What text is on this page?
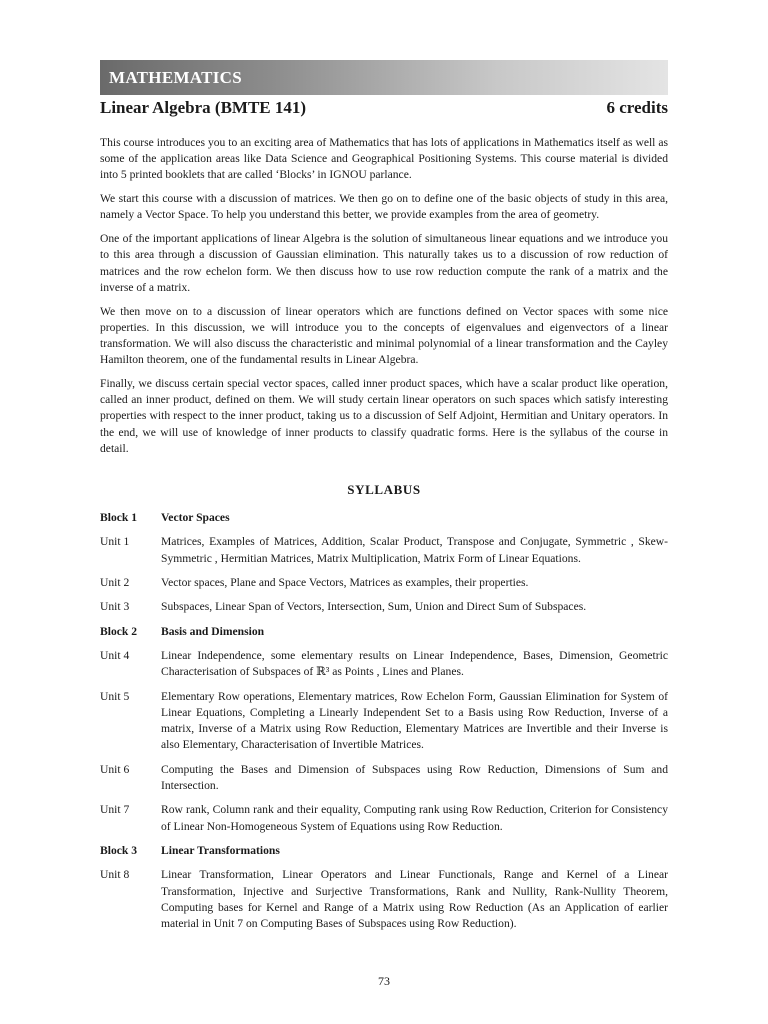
MATHEMATICS
Linear Algebra (BMTE 141)	6 credits

This course introduces you to an exciting area of Mathematics that has lots of applications in Mathematics itself as well as some of the application areas like Data Science and Geographical Positioning Systems. This course material is divided into 5 printed booklets that are called ‘Blocks’ in IGNOU parlance.

We start this course with a discussion of matrices. We then go on to define one of the basic objects of study in this area, namely a Vector Space. To help you understand this better, we provide examples from the area of geometry.

One of the important applications of linear Algebra is the solution of simultaneous linear equations and we introduce you to this area through a discussion of Gaussian elimination. This naturally takes us to a discussion of row reduction of matrices and the row echelon form. We then discuss how to use row reduction compute the rank of a matrix and the inverse of a matrix.

We then move on to a discussion of linear operators which are functions defined on Vector spaces with some nice properties. In this discussion, we will introduce you to the concepts of eigenvalues and eigenvectors of a linear transformation. We will also discuss the characteristic and minimal polynomial of a linear transformation and the Cayley Hamilton theorem, one of the fundamental results in Linear Algebra.

Finally, we discuss certain special vector spaces, called inner product spaces, which have a scalar product like operation, called an inner product, defined on them. We will study certain linear operators on such spaces which satisfy interesting properties with respect to the inner product, taking us to a discussion of Self Adjoint, Hermitian and Unitary operators. In the end, we will use of knowledge of inner products to classify quadratic forms. Here is the syllabus of the course in detail.

SYLLABUS
Block 1	Vector Spaces
Unit 1	Matrices, Examples of Matrices, Addition, Scalar Product, Transpose and Conjugate, Symmetric , Skew-Symmetric , Hermitian Matrices, Matrix Multiplication, Matrix Form of Linear Equations.
Unit 2	Vector spaces, Plane and Space Vectors, Matrices as examples, their properties.
Unit 3	Subspaces, Linear Span of Vectors, Intersection, Sum, Union and Direct Sum of Subspaces.
Block 2	Basis and Dimension
Unit 4	Linear Independence, some elementary results on Linear Independence, Bases, Dimension, Geometric Characterisation of Subspaces of ℝ³ as Points , Lines and Planes.
Unit 5	Elementary Row operations, Elementary matrices, Row Echelon Form, Gaussian Elimination for System of Linear Equations, Completing a Linearly Independent Set to a Basis using Row Reduction, Inverse of a matrix, Inverse of a Matrix using Row Reduction, Elementary Matrices are Invertible and their Inverse is also Elementary, Characterisation of Invertible Matrices.
Unit 6	Computing the Bases and Dimension of Subspaces using Row Reduction, Dimensions of Sum and Intersection.
Unit 7	Row rank, Column rank and their equality, Computing rank using Row Reduction, Criterion for Consistency of Linear Non-Homogeneous System of Equations using Row Reduction.
Block 3	Linear Transformations
Unit 8	Linear Transformation, Linear Operators and Linear Functionals, Range and Kernel of a Linear Transformation, Injective and Surjective Transformations, Rank and Nullity, Rank-Nullity Theorem, Computing bases for Kernel and Range of a Matrix using Row Reduction (As an Application of earlier material in Unit 7 on Computing Bases of Subspaces using Row Reduction).
73
